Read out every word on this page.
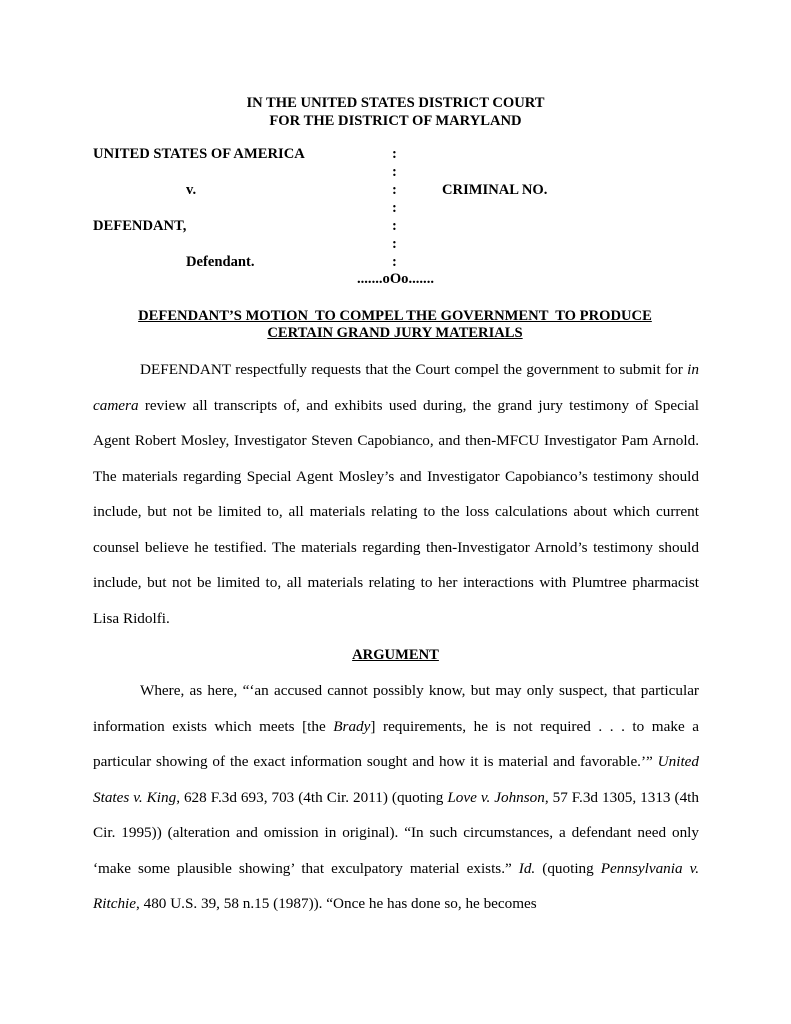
IN THE UNITED STATES DISTRICT COURT
FOR THE DISTRICT OF MARYLAND
UNITED STATES OF AMERICA
v.
DEFENDANT,
Defendant.
:
:
:
:
:
:
:
CRIMINAL NO.
.......oOo.......
DEFENDANT’S MOTION  TO COMPEL THE GOVERNMENT  TO PRODUCE
CERTAIN GRAND JURY MATERIALS

DEFENDANT respectfully requests that the Court compel the government to submit for in camera review all transcripts of, and exhibits used during, the grand jury testimony of Special Agent Robert Mosley, Investigator Steven Capobianco, and then-MFCU Investigator Pam Arnold. The materials regarding Special Agent Mosley’s and Investigator Capobianco’s testimony should include, but not be limited to, all materials relating to the loss calculations about which current counsel believe he testified. The materials regarding then-Investigator Arnold’s testimony should include, but not be limited to, all materials relating to her interactions with Plumtree pharmacist Lisa Ridolfi.

ARGUMENT

Where, as here, “‘an accused cannot possibly know, but may only suspect, that particular information exists which meets [the Brady] requirements, he is not required . . . to make a particular showing of the exact information sought and how it is material and favorable.’” United States v. King, 628 F.3d 693, 703 (4th Cir. 2011) (quoting Love v. Johnson, 57 F.3d 1305, 1313 (4th Cir. 1995)) (alteration and omission in original). “In such circumstances, a defendant need only ‘make some plausible showing’ that exculpatory material exists.” Id. (quoting Pennsylvania v. Ritchie, 480 U.S. 39, 58 n.15 (1987)). “Once he has done so, he becomes
